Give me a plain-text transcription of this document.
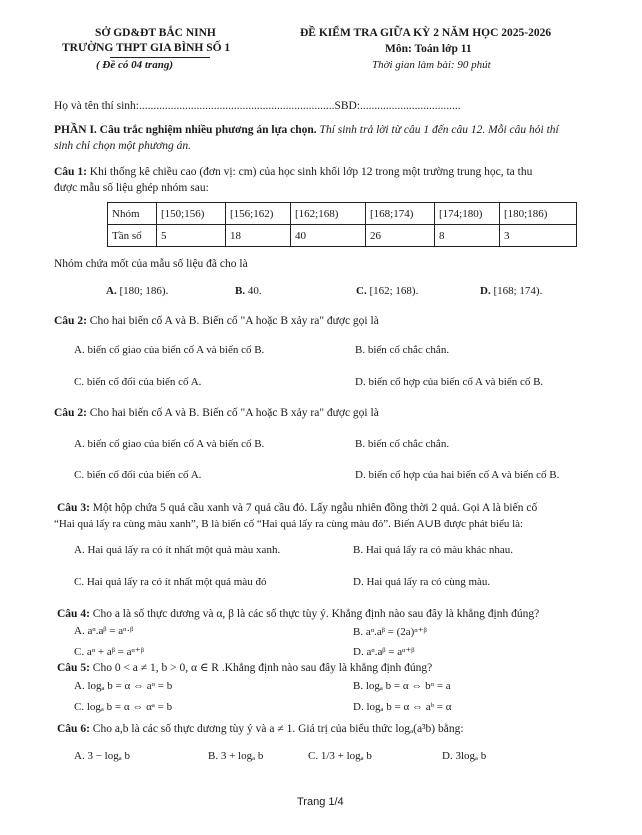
SỞ GD&ĐT BẮC NINH
TRƯỜNG THPT GIA BÌNH SỐ 1
( Đề có 04 trang)
ĐỀ KIỂM TRA GIỮA KỲ 2 NĂM HỌC 2025-2026
Môn: Toán lớp 11
Thời gian làm bài: 90 phút
Họ và tên thí sinh:....................................................................SBD:...................................
PHẦN I. Câu trắc nghiệm nhiều phương án lựa chọn. Thí sinh trả lời từ câu 1 đến câu 12. Mỗi câu hỏi thí
sinh chỉ chọn một phương án.
Câu 1: Khi thống kê chiều cao (đơn vị: cm) của học sinh khối lớp 12 trong một trường trung học, ta thu
được mẫu số liệu ghép nhóm sau:
Nhóm	[150;156)	[156;162)	[162;168)	[168;174)	[174;180)	[180;186)
Tần số	5	18	40	26	8	3
Nhóm chứa mốt của mẫu số liệu đã cho là
A. [180; 186).	B. 40.	C. [162; 168).	D. [168; 174).
Câu 2: Cho hai biến cố A và B. Biến cố "A hoặc B xảy ra" được gọi là
A. biến cố giao của biến cố A và biến cố B.	B. biến cố chắc chắn.
C. biến cố đối của biến cố A.	D. biến cố hợp của biến cố A và biến cố B.
Câu 2: Cho hai biến cố A và B. Biến cố "A hoặc B xảy ra" được gọi là
A. biến cố giao của biến cố A và biến cố B.	B. biến cố chắc chắn.
C. biến cố đối của biến cố A.	D. biến cố hợp của hai biến cố A và biến cố B.
Câu 3: Một hộp chứa 5 quả cầu xanh và 7 quả cầu đỏ. Lấy ngẫu nhiên đồng thời 2 quả. Gọi A là biến cố
“Hai quả lấy ra cùng màu xanh”, B là biến cố “Hai quả lấy ra cùng màu đỏ”. Biến A∪B được phát biểu là:
A. Hai quả lấy ra có ít nhất một quả màu xanh.	B. Hai quả lấy ra có màu khác nhau.
C. Hai quả lấy ra có ít nhất một quả màu đỏ	D. Hai quả lấy ra có cùng màu.
Câu 4: Cho a là số thực dương và α, β là các số thực tùy ý. Khẳng định nào sau đây là khẳng định đúng?
A. aᵅ.aᵝ = aᵅ·ᵝ	B. aᵅ.aᵝ = (2a)ᵅ⁺ᵝ
C. aᵅ + aᵝ = aᵅ⁺ᵝ	D. aᵅ.aᵝ = aᵅ⁺ᵝ
Câu 5: Cho 0 < a ≠ 1, b > 0, α ∈ R .Khẳng định nào sau đây là khẳng định đúng?
A. logₐ b = α ⇔ aᵅ = b	B. logₐ b = α ⇔ bᵅ = a
C. logₐ b = α ⇔ αᵃ = b	D. logₐ b = α ⇔ aᵇ = α
Câu 6: Cho a,b là các số thực dương tùy ý và a ≠ 1. Giá trị của biểu thức logₐ(a³b) bằng:
A. 3 − logₐ b	B. 3 + logₐ b	C. 1/3 + logₐ b	D. 3logₐ b
Trang 1/4
